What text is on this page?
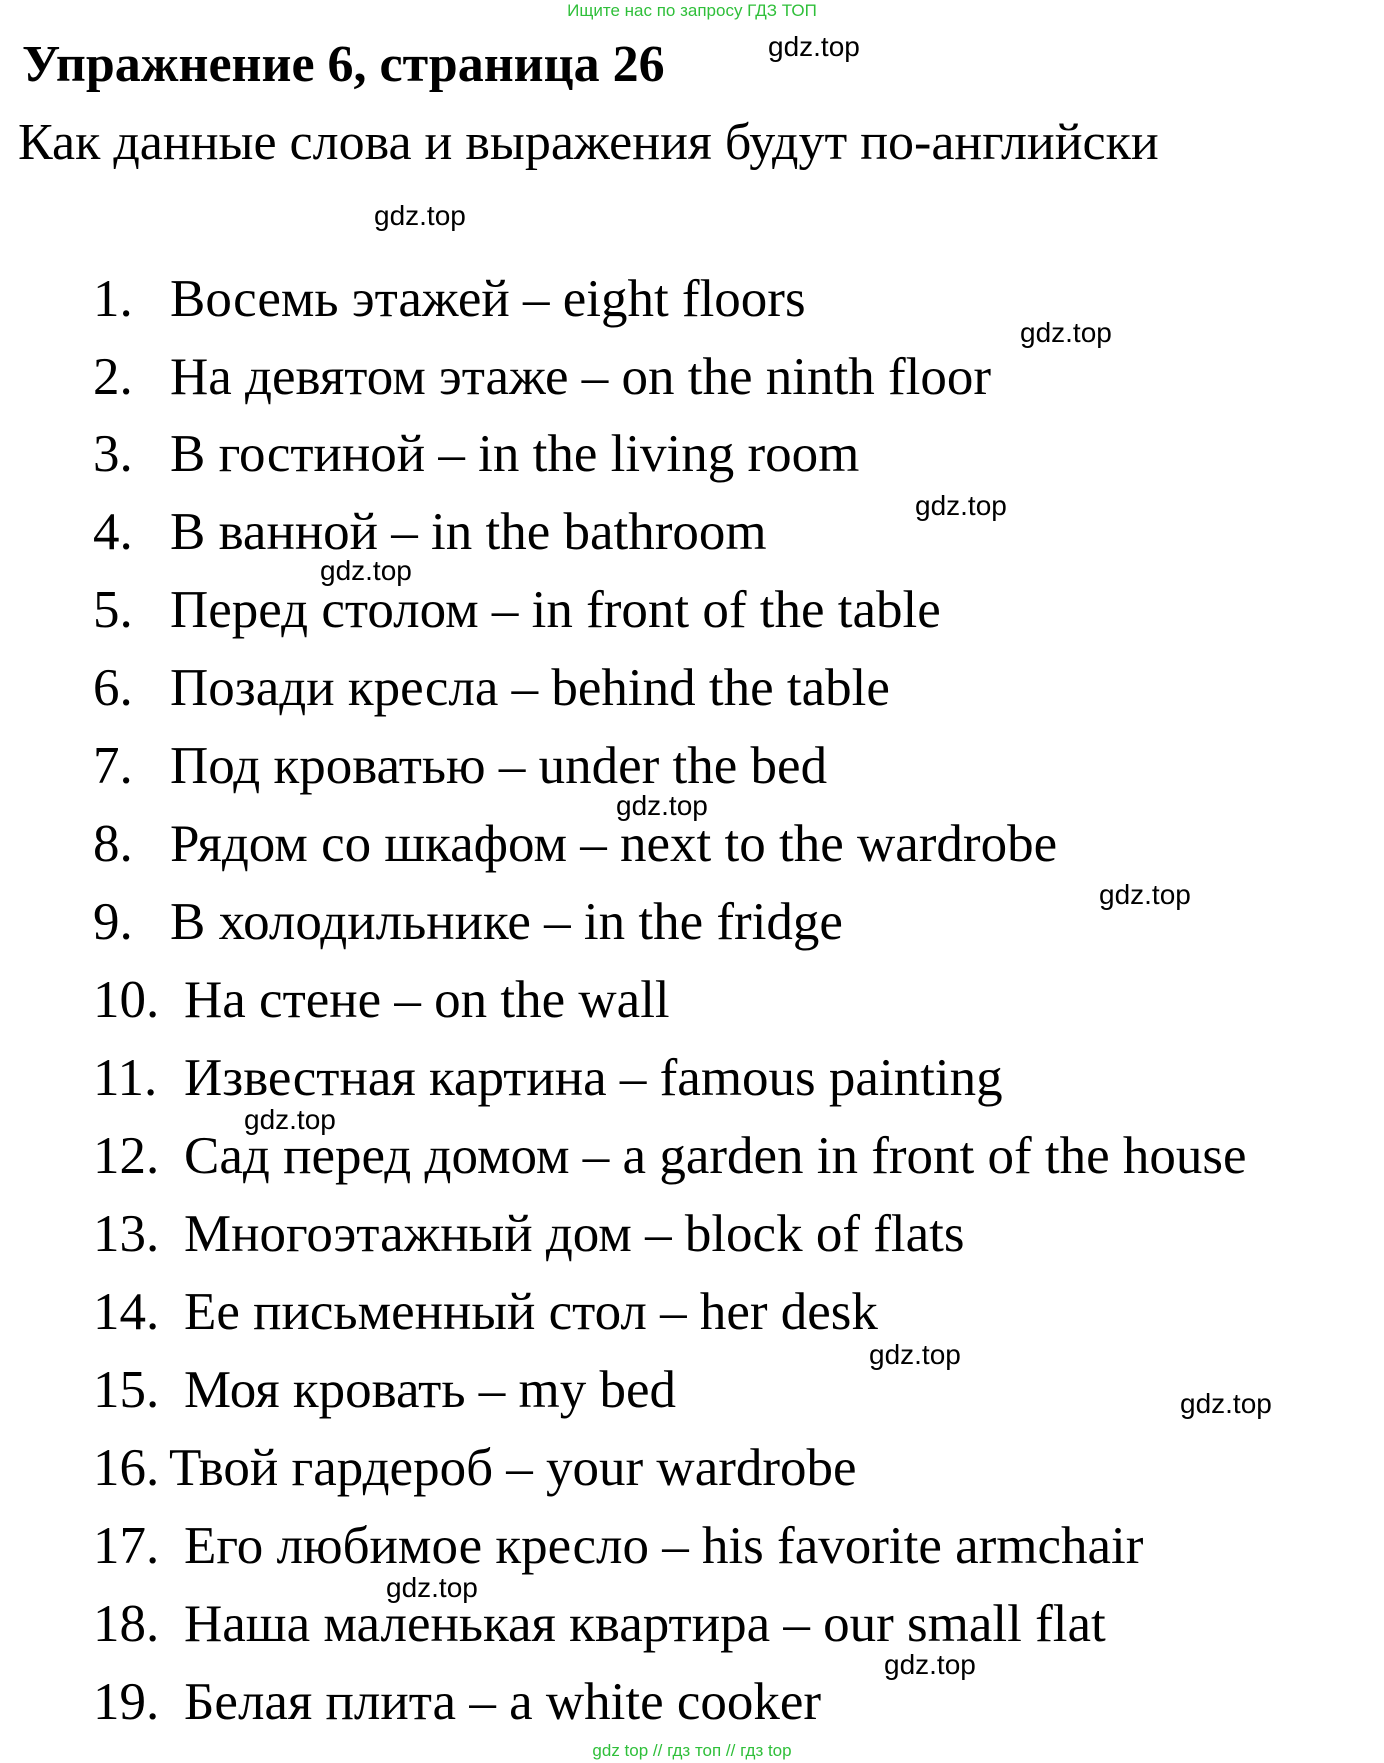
Ищите нас по запросу ГДЗ ТОП
Упражнение 6, страница 26	gdz.top
Как данные слова и выражения будут по-английски
gdz.top
gdz.top
gdz.top
gdz.top
gdz.top
gdz.top
gdz.top
gdz.top
gdz.top
gdz.top
gdz.top
1. Восемь этажей – eight floors
2. На девятом этаже – on the ninth floor
3. В гостиной – in the living room
4. В ванной – in the bathroom
5. Перед столом – in front of the table
6. Позади кресла – behind the table
7. Под кроватью – under the bed
8. Рядом со шкафом – next to the wardrobe
9. В холодильнике – in the fridge
10. На стене – on the wall
11. Известная картина – famous painting
12. Сад перед домом – a garden in front of the house
13. Многоэтажный дом – block of flats
14. Ее письменный стол – her desk
15. Моя кровать – my bed
16. Твой гардероб – your wardrobe
17. Его любимое кресло – his favorite armchair
18. Наша маленькая квартира – our small flat
19. Белая плита – a white cooker
gdz top // гдз топ // гдз top
